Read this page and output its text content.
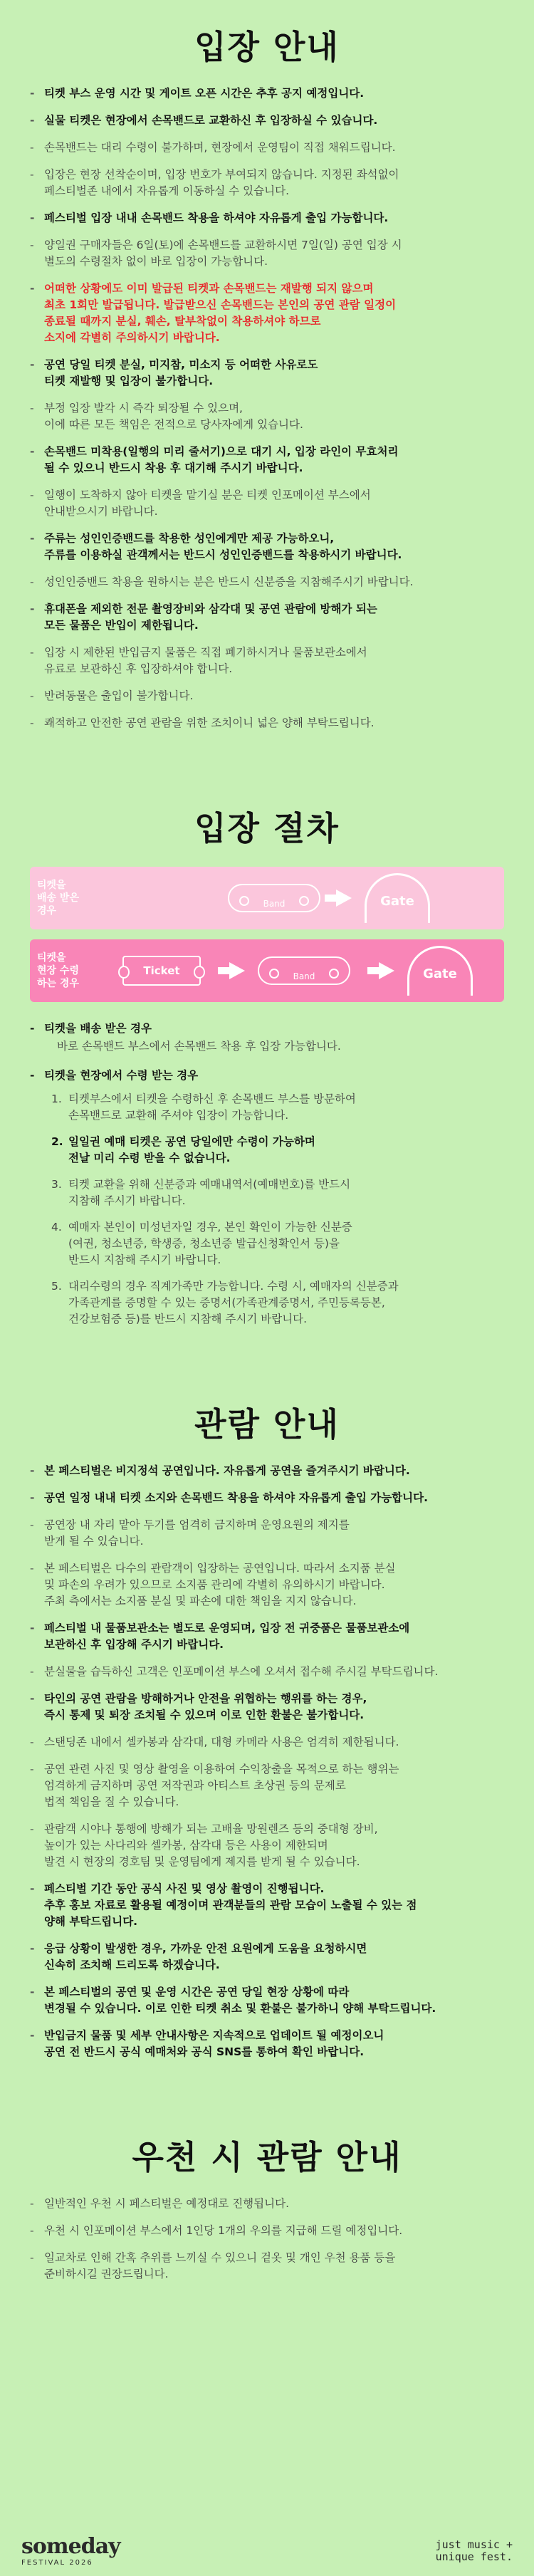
입장 안내
- 티켓 부스 운영 시간 및 게이트 오픈 시간은 추후 공지 예정입니다.
- 실물 티켓은 현장에서 손목밴드로 교환하신 후 입장하실 수 있습니다.
- 손목밴드는 대리 수령이 불가하며, 현장에서 운영팀이 직접 채워드립니다.
- 입장은 현장 선착순이며, 입장 번호가 부여되지 않습니다. 지정된 좌석없이
페스티벌존 내에서 자유롭게 이동하실 수 있습니다.
- 페스티벌 입장 내내 손목밴드 착용을 하셔야 자유롭게 출입 가능합니다.
- 양일권 구매자들은 6일(토)에 손목밴드를 교환하시면 7일(일) 공연 입장 시
별도의 수령절차 없이 바로 입장이 가능합니다.
- 어떠한 상황에도 이미 발급된 티켓과 손목밴드는 재발행 되지 않으며
최초 1회만 발급됩니다. 발급받으신 손목밴드는 본인의 공연 관람 일정이
종료될 때까지 분실, 훼손, 탈부착없이 착용하셔야 하므로
소지에 각별히 주의하시기 바랍니다.
- 공연 당일 티켓 분실, 미지참, 미소지 등 어떠한 사유로도
티켓 재발행 및 입장이 불가합니다.
- 부정 입장 발각 시 즉각 퇴장될 수 있으며,
이에 따른 모든 책임은 전적으로 당사자에게 있습니다.
- 손목밴드 미착용(일행의 미리 줄서기)으로 대기 시, 입장 라인이 무효처리
될 수 있으니 반드시 착용 후 대기해 주시기 바랍니다.
- 일행이 도착하지 않아 티켓을 맡기실 분은 티켓 인포메이션 부스에서
안내받으시기 바랍니다.
- 주류는 성인인증밴드를 착용한 성인에게만 제공 가능하오니,
주류를 이용하실 관객께서는 반드시 성인인증밴드를 착용하시기 바랍니다.
- 성인인증밴드 착용을 원하시는 분은 반드시 신분증을 지참해주시기 바랍니다.
- 휴대폰을 제외한 전문 촬영장비와 삼각대 및 공연 관람에 방해가 되는
모든 물품은 반입이 제한됩니다.
- 입장 시 제한된 반입금지 물품은 직접 폐기하시거나 물품보관소에서
유료로 보관하신 후 입장하셔야 합니다.
- 반려동물은 출입이 불가합니다.
- 쾌적하고 안전한 공연 관람을 위한 조치이니 넓은 양해 부탁드립니다.
입장 절차
티켓을
배송 받은
경우
Band	Gate
티켓을
현장 수령
하는 경우
Ticket	Band	Gate
- 티켓을 배송 받은 경우
바로 손목밴드 부스에서 손목밴드 착용 후 입장 가능합니다.
- 티켓을 현장에서 수령 받는 경우
1. 티켓부스에서 티켓을 수령하신 후 손목밴드 부스를 방문하여
손목밴드로 교환해 주셔야 입장이 가능합니다.
2. 일일권 예매 티켓은 공연 당일에만 수령이 가능하며
전날 미리 수령 받을 수 없습니다.
3. 티켓 교환을 위해 신분증과 예매내역서(예매번호)를 반드시
지참해 주시기 바랍니다.
4. 예매자 본인이 미성년자일 경우, 본인 확인이 가능한 신분증
(여권, 청소년증, 학생증, 청소년증 발급신청확인서 등)을
반드시 지참해 주시기 바랍니다.
5. 대리수령의 경우 직계가족만 가능합니다. 수령 시, 예매자의 신분증과
가족관계를 증명할 수 있는 증명서(가족관계증명서, 주민등록등본,
건강보험증 등)를 반드시 지참해 주시기 바랍니다.
관람 안내
- 본 페스티벌은 비지정석 공연입니다. 자유롭게 공연을 즐겨주시기 바랍니다.
- 공연 일정 내내 티켓 소지와 손목밴드 착용을 하셔야 자유롭게 출입 가능합니다.
- 공연장 내 자리 맡아 두기를 엄격히 금지하며 운영요원의 제지를
받게 될 수 있습니다.
- 본 페스티벌은 다수의 관람객이 입장하는 공연입니다. 따라서 소지품 분실
및 파손의 우려가 있으므로 소지품 관리에 각별히 유의하시기 바랍니다.
주최 측에서는 소지품 분실 및 파손에 대한 책임을 지지 않습니다.
- 페스티벌 내 물품보관소는 별도로 운영되며, 입장 전 귀중품은 물품보관소에
보관하신 후 입장해 주시기 바랍니다.
- 분실물을 습득하신 고객은 인포메이션 부스에 오셔서 접수해 주시길 부탁드립니다.
- 타인의 공연 관람을 방해하거나 안전을 위협하는 행위를 하는 경우,
즉시 통제 및 퇴장 조치될 수 있으며 이로 인한 환불은 불가합니다.
- 스탠딩존 내에서 셀카봉과 삼각대, 대형 카메라 사용은 엄격히 제한됩니다.
- 공연 관련 사진 및 영상 촬영을 이용하여 수익창출을 목적으로 하는 행위는
엄격하게 금지하며 공연 저작권과 아티스트 초상권 등의 문제로
법적 책임을 질 수 있습니다.
- 관람객 시야나 통행에 방해가 되는 고배율 망원렌즈 등의 중대형 장비,
높이가 있는 사다리와 셀카봉, 삼각대 등은 사용이 제한되며
발견 시 현장의 경호팀 및 운영팀에게 제지를 받게 될 수 있습니다.
- 페스티벌 기간 동안 공식 사진 및 영상 촬영이 진행됩니다.
추후 홍보 자료로 활용될 예정이며 관객분들의 관람 모습이 노출될 수 있는 점
양해 부탁드립니다.
- 응급 상황이 발생한 경우, 가까운 안전 요원에게 도움을 요청하시면
신속히 조치해 드리도록 하겠습니다.
- 본 페스티벌의 공연 및 운영 시간은 공연 당일 현장 상황에 따라
변경될 수 있습니다. 이로 인한 티켓 취소 및 환불은 불가하니 양해 부탁드립니다.
- 반입금지 물품 및 세부 안내사항은 지속적으로 업데이트 될 예정이오니
공연 전 반드시 공식 예매처와 공식 SNS를 통하여 확인 바랍니다.
우천 시 관람 안내
- 일반적인 우천 시 페스티벌은 예정대로 진행됩니다.
- 우천 시 인포메이션 부스에서 1인당 1개의 우의를 지급해 드릴 예정입니다.
- 일교차로 인해 간혹 추위를 느끼실 수 있으니 겉옷 및 개인 우천 용품 등을
준비하시길 권장드립니다.
someday
FESTIVAL 2026
just music +
unique fest.
